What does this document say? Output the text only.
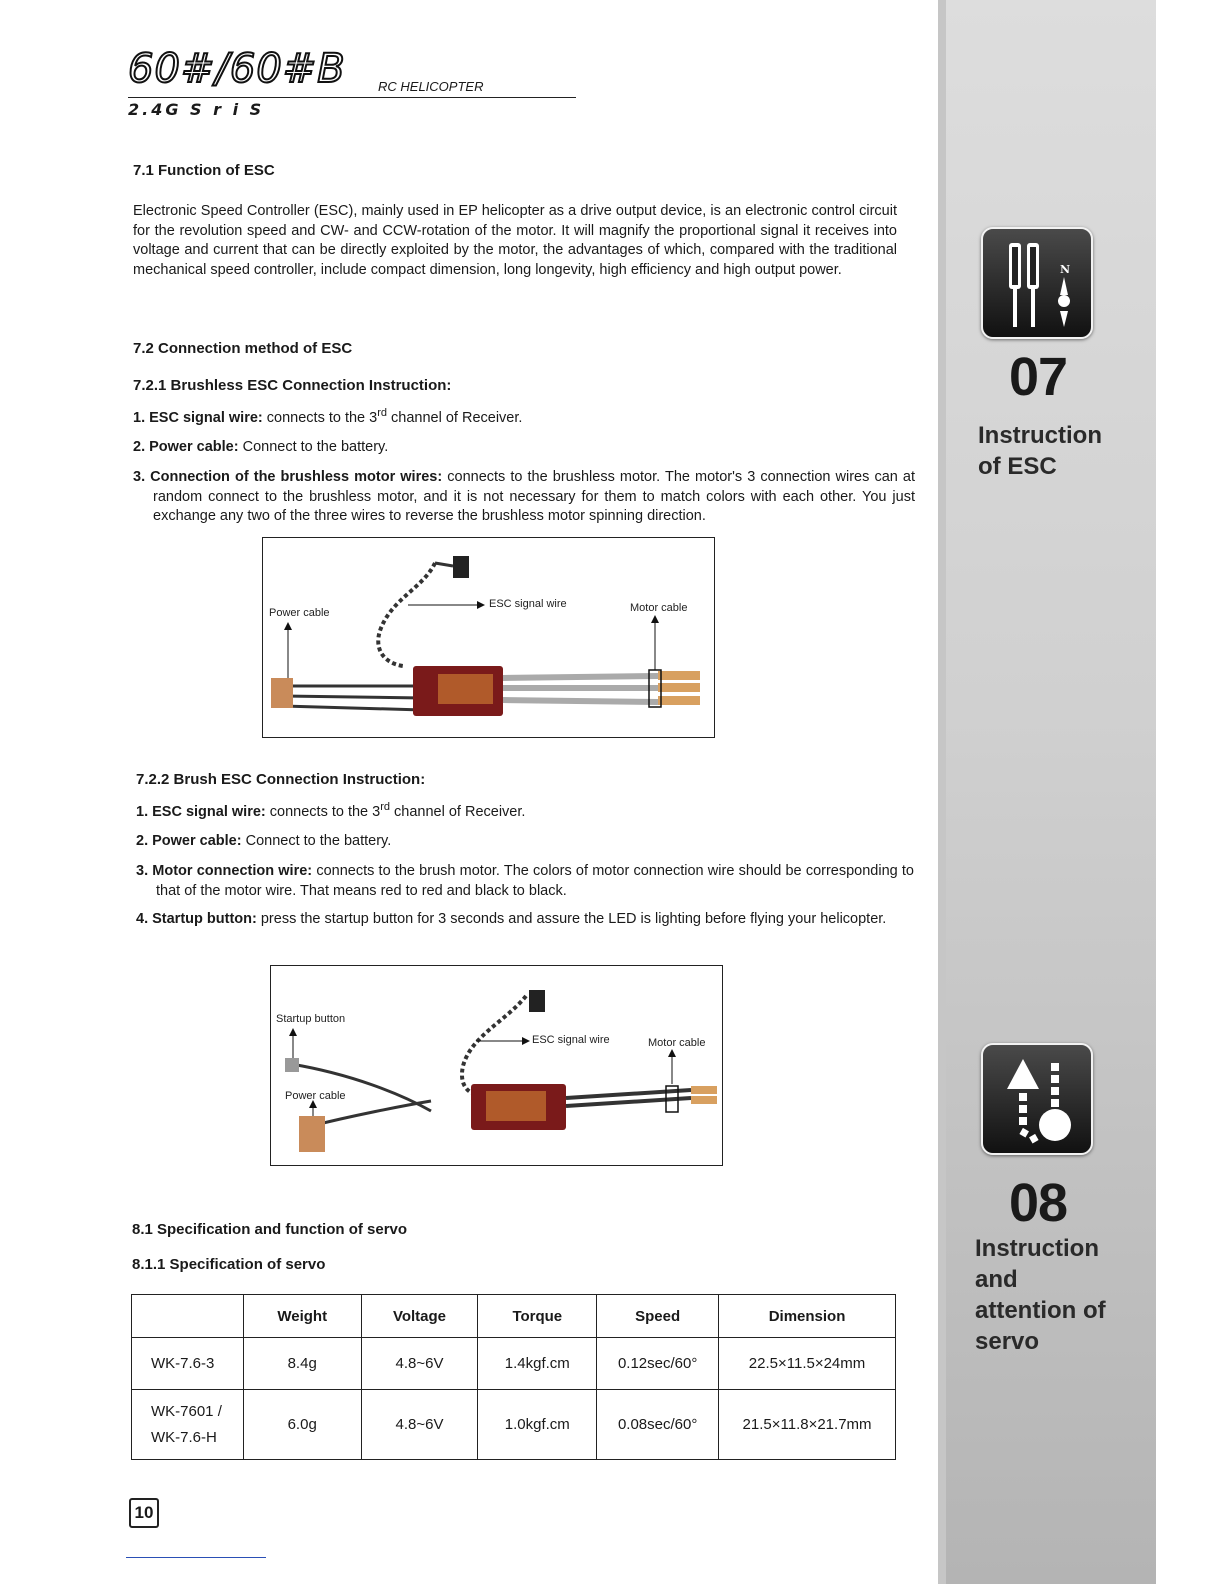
N
07
Instruction
of ESC
08
Instruction
and
attention of
servo
60#/60#B RC HELICOPTER
2.4G S r i S
7.1 Function of ESC
Electronic Speed Controller (ESC), mainly used in EP helicopter as a drive output device, is an electronic control circuit for the revolution speed and CW- and CCW-rotation of the motor. It will magnify the proportional signal it receives into voltage and current that can be directly exploited by the motor, the advantages of which, compared with the traditional mechanical speed controller, include compact dimension, long longevity, high efficiency and high output power.
7.2 Connection method of ESC
7.2.1 Brushless ESC Connection Instruction:
1. ESC signal wire: connects to the 3rd channel of Receiver.
2. Power cable: Connect to the battery.
3. Connection of the brushless motor wires: connects to the brushless motor. The motor's 3 connection wires can at random connect to the brushless motor, and it is not necessary for them to match colors with each other. You just exchange any two of the three wires to reverse the brushless motor spinning direction.
Power cable
ESC signal wire	Motor cable
7.2.2 Brush ESC Connection Instruction:
1. ESC signal wire: connects to the 3rd channel of Receiver.
2. Power cable: Connect to the battery.
3. Motor connection wire: connects to the brush motor. The colors of motor connection wire should be corresponding to that of the motor wire. That means red to red and black to black.
4. Startup button: press the startup button for 3 seconds and assure the LED is lighting before flying your helicopter.
Startup button
ESC signal wire	Motor cable
Power cable
8.1 Specification and function of servo
8.1.1 Specification of servo
	Weight	Voltage	Torque	Speed	Dimension
WK-7.6-3	8.4g	4.8~6V	1.4kgf.cm	0.12sec/60°	22.5×11.5×24mm

WK-7601 /
WK-7.6-H	6.0g	4.8~6V	1.0kgf.cm	0.08sec/60°	21.5×11.8×21.7mm
10
